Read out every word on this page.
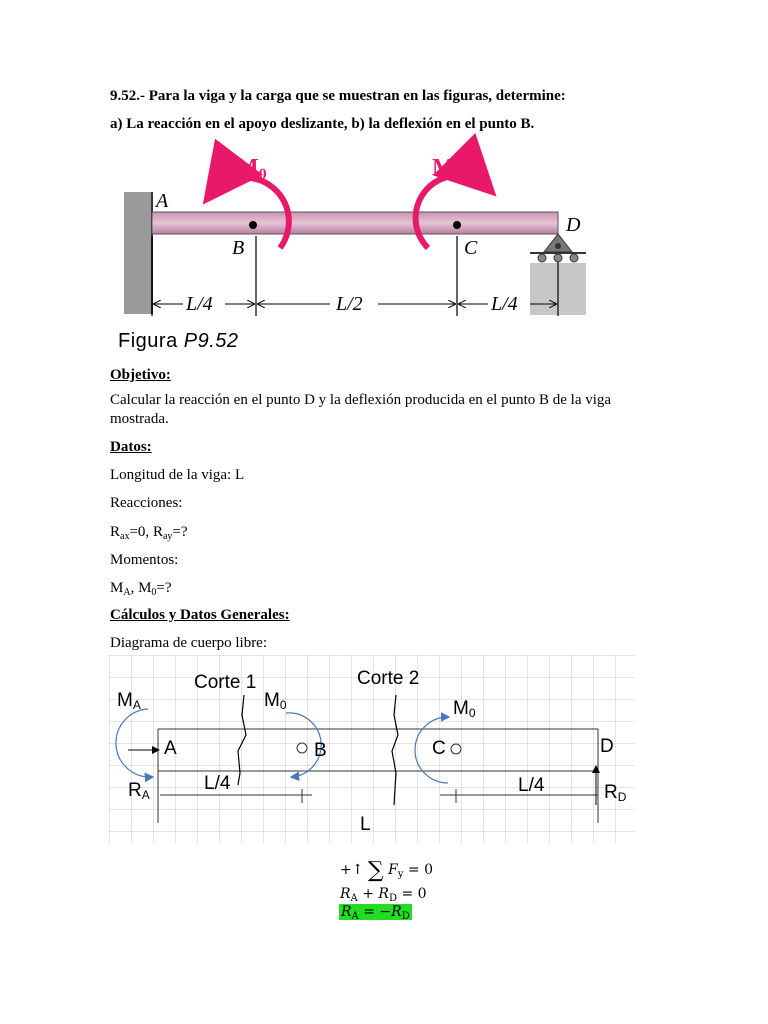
9.52.- Para la viga y la carga que se muestran en las figuras, determine:
a) La reacción en el apoyo deslizante, b) la deflexión en el punto B.
$M_0$	$M_0$
A
B	C
D
L/4	L/2	L/4
Figura P9.52
Objetivo:
Calcular la reacción en el punto D y la deflexión producida en el punto B de la viga
mostrada.
Datos:
Longitud de la viga: L
Reacciones:
$R_{ax}=0$, $R_{ay}=$?
Momentos:
$M_A$, $M_0=$?
Cálculos y Datos Generales:
Diagrama de cuerpo libre:
Corte 1	Corte 2
$M_A$	$M_0$	$M_0$
A	B	C	D
$R_A$	$R_D$
L/4	L/4
L
+↑ ∑ $F_y = 0$
$R_A + R_D = 0$
$R_A = -R_D$
